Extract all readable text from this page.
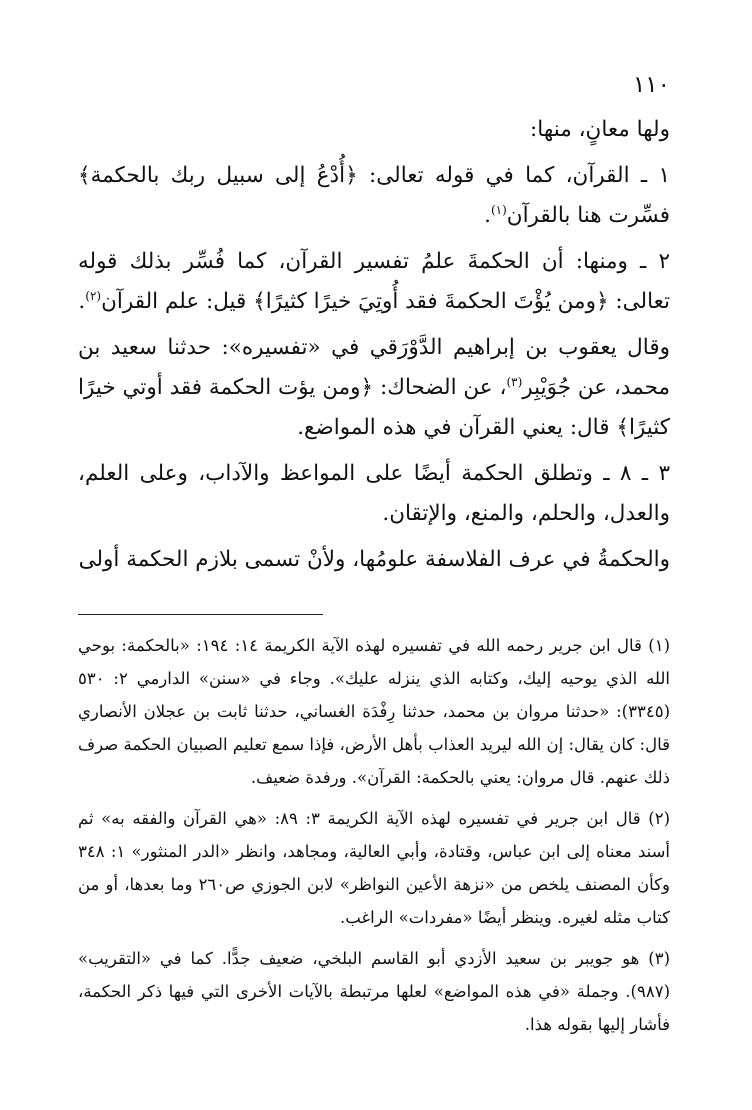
١١٠

ولها معانٍ، منها:

١ ـ القرآن، كما في قوله تعالى: ﴿أُدْعُ إلى سبيل ربك بالحكمة﴾ فسِّرت هنا بالقرآن$^{(١)}$.

٢ ـ ومنها: أن الحكمةَ علمُ تفسير القرآن، كما فُسِّر بذلك قوله تعالى: ﴿ومن يُؤْتَ الحكمةَ فقد أُوتِيَ خيرًا كثيرًا﴾ قيل: علم القرآن$^{(٢)}$.

وقال يعقوب بن إبراهيم الدَّوْرَقي في «تفسيره»: حدثنا سعيد بن محمد، عن جُوَيْبِر$^{(٣)}$، عن الضحاك: ﴿ومن يؤت الحكمة فقد أوتي خيرًا كثيرًا﴾ قال: يعني القرآن في هذه المواضع.

٣ ـ ٨ ـ وتطلق الحكمة أيضًا على المواعظ والآداب، وعلى العلم، والعدل، والحلم، والمنع، والإتقان.

والحكمةُ في عرف الفلاسفة علومُها، ولأنْ تسمى بلازم الحكمة أولى

(١) قال ابن جرير رحمه الله في تفسيره لهذه الآية الكريمة ١٤: ١٩٤: «بالحكمة: بوحي الله الذي يوحيه إليك، وكتابه الذي ينزله عليك». وجاء في «سنن» الدارمي ٢: ٥٣٠ (٣٣٤٥): «حدثنا مروان بن محمد، حدثنا رِفْدَة الغساني، حدثنا ثابت بن عجلان الأنصاري قال: كان يقال: إن الله ليريد العذاب بأهل الأرض، فإذا سمع تعليم الصبيان الحكمة صرف ذلك عنهم. قال مروان: يعني بالحكمة: القرآن». ورفدة ضعيف.

(٢) قال ابن جرير في تفسيره لهذه الآية الكريمة ٣: ٨٩: «هي القرآن والفقه به» ثم أسند معناه إلى ابن عباس، وقتادة، وأبي العالية، ومجاهد، وانظر «الدر المنثور» ١: ٣٤٨ وكأن المصنف يلخص من «نزهة الأعين النواظر» لابن الجوزي ص٢٦٠ وما بعدها، أو من كتاب مثله لغيره. وينظر أيضًا «مفردات» الراغب.

(٣) هو جويبر بن سعيد الأزدي أبو القاسم البلخي، ضعيف جدًّا. كما في «التقريب» (٩٨٧). وجملة «في هذه المواضع» لعلها مرتبطة بالآيات الأخرى التي فيها ذكر الحكمة، فأشار إليها بقوله هذا.
